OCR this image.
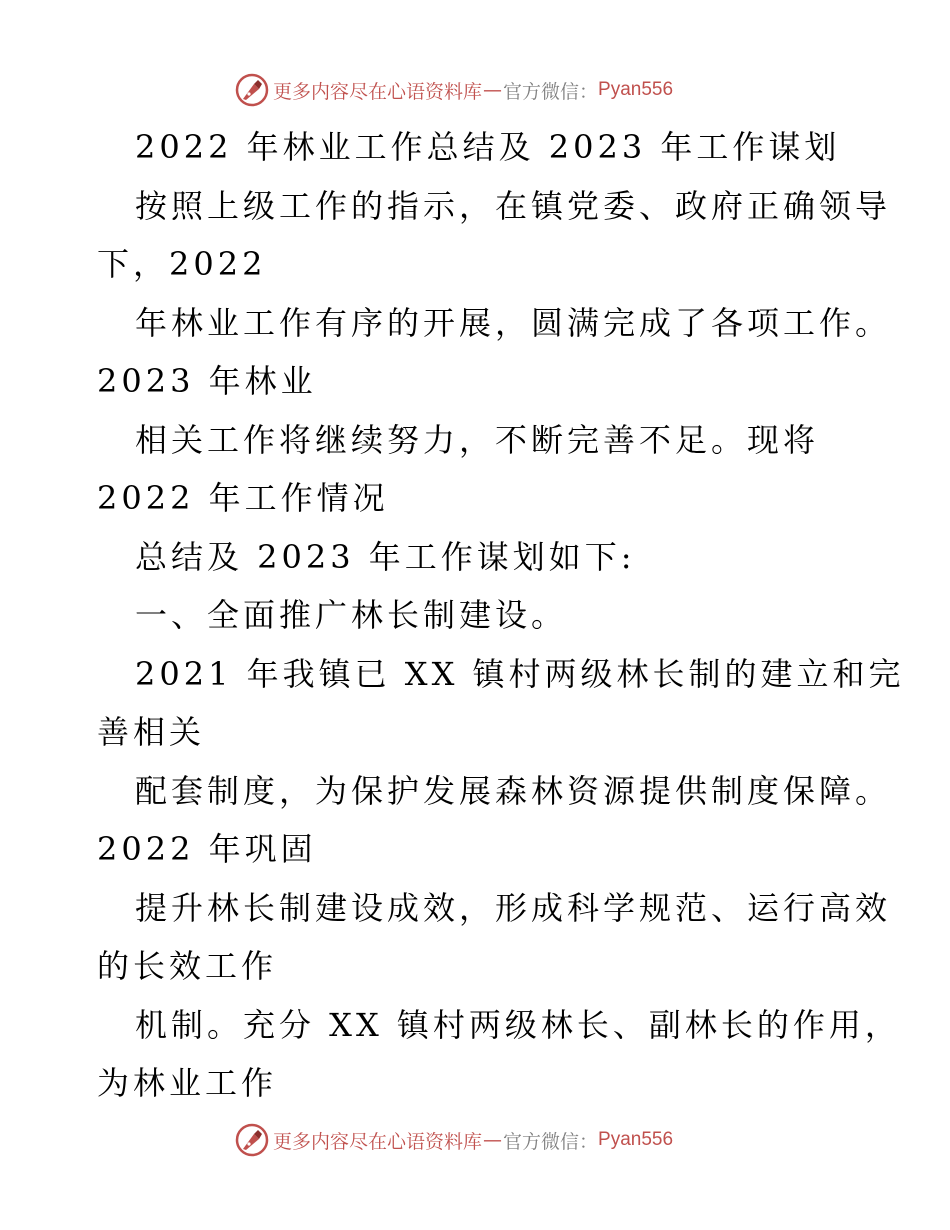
更多内容尽在心语资料库 — 官方微信： Pyan556
2022 年林业工作总结及 2023 年工作谋划
按照上级工作的指示，在镇党委、政府正确领导
下，2022
年林业工作有序的开展，圆满完成了各项工作。
2023 年林业
相关工作将继续努力，不断完善不足。现将
2022 年工作情况
总结及 2023 年工作谋划如下:
一、全面推广林长制建设。
2021 年我镇已 XX 镇村两级林长制的建立和完
善相关
配套制度，为保护发展森林资源提供制度保障。
2022 年巩固
提升林长制建设成效，形成科学规范、运行高效
的长效工作
机制。充分 XX 镇村两级林长、副林长的作用，
为林业工作
更多内容尽在心语资料库 — 官方微信： Pyan556
